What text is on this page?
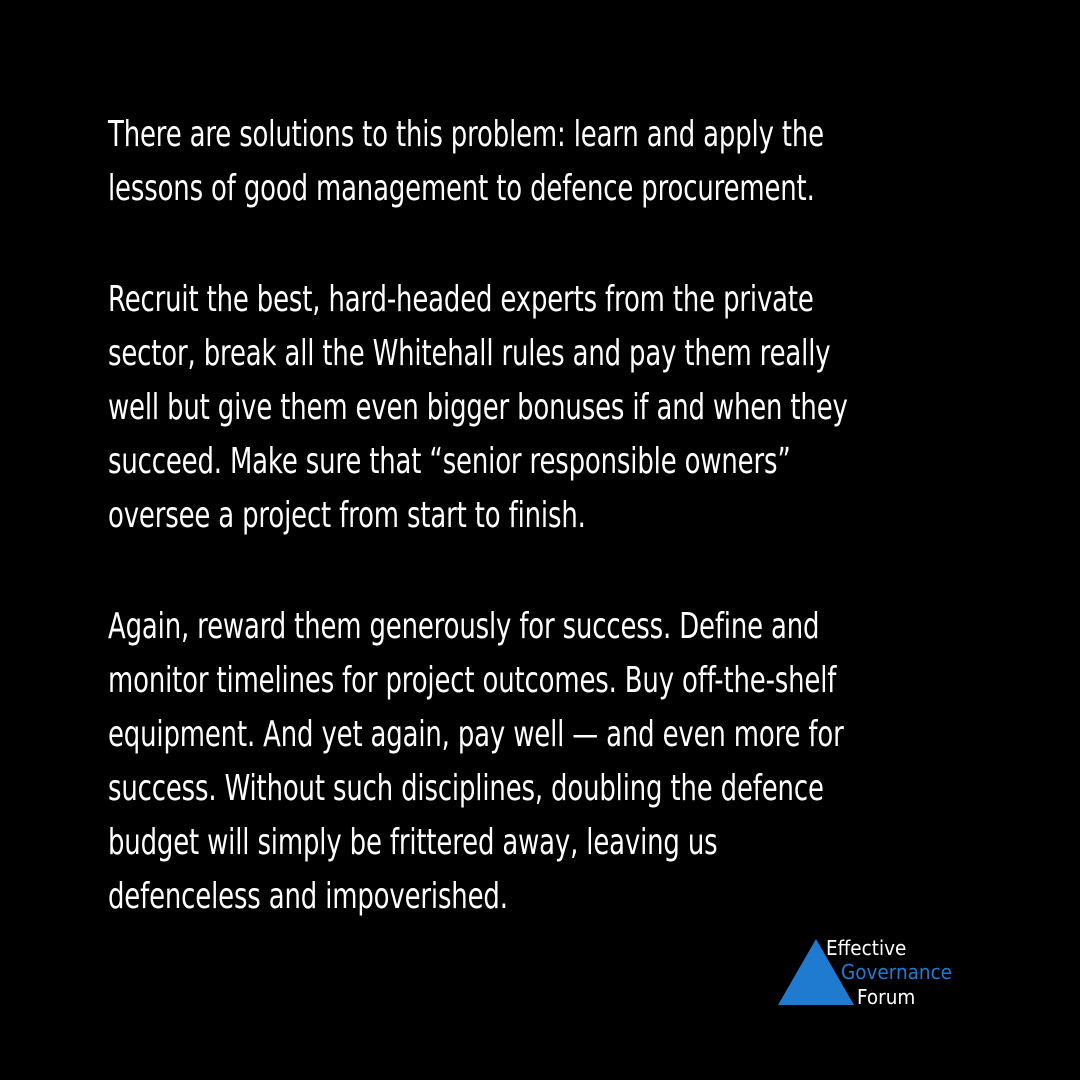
There are solutions to this problem: learn and apply the
lessons of good management to defence procurement.
Recruit the best, hard-headed experts from the private
sector, break all the Whitehall rules and pay them really
well but give them even bigger bonuses if and when they
succeed. Make sure that “senior responsible owners”
oversee a project from start to finish.
Again, reward them generously for success. Define and
monitor timelines for project outcomes. Buy off-the-shelf
equipment. And yet again, pay well — and even more for
success. Without such disciplines, doubling the defence
budget will simply be frittered away, leaving us
defenceless and impoverished.
Effective
Governance
Forum
